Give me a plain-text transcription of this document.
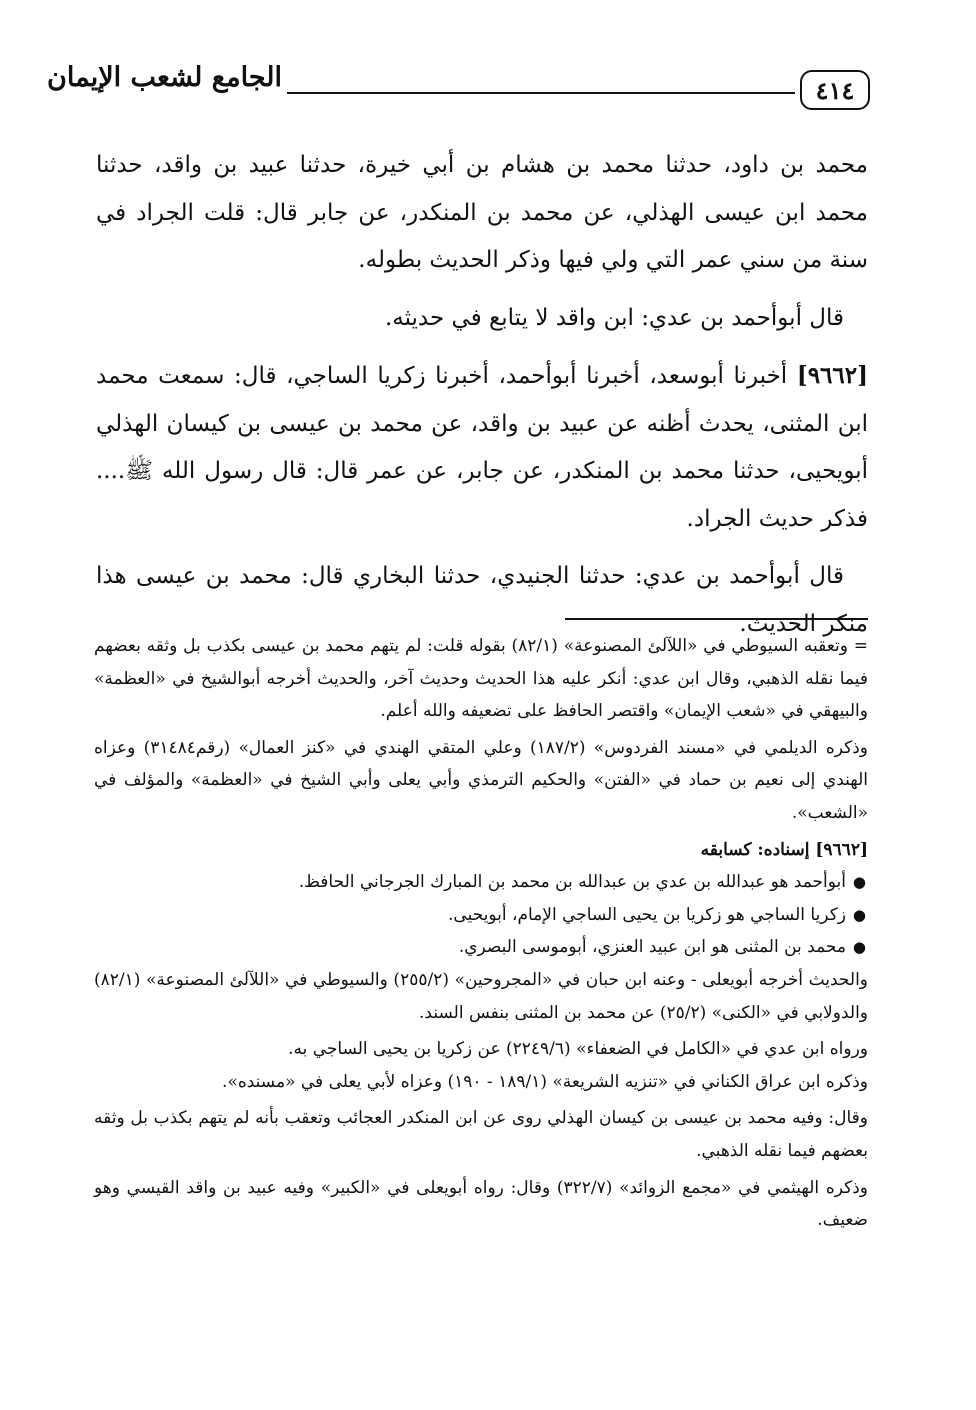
٤١٤
الجامع لشعب الإيمان

محمد بن داود، حدثنا محمد بن هشام بن أبي خيرة، حدثنا عبيد بن واقد، حدثنا محمد ابن عيسى الهذلي، عن محمد بن المنكدر، عن جابر قال: قلت الجراد في سنة من سني عمر التي ولي فيها وذكر الحديث بطوله.

قال أبوأحمد بن عدي: ابن واقد لا يتابع في حديثه.

[٩٦٦٢] أخبرنا أبوسعد، أخبرنا أبوأحمد، أخبرنا زكريا الساجي، قال: سمعت محمد ابن المثنى، يحدث أظنه عن عبيد بن واقد، عن محمد بن عيسى بن كيسان الهذلي أبويحيى، حدثنا محمد بن المنكدر، عن جابر، عن عمر قال: قال رسول الله ﷺ.... فذكر حديث الجراد.

قال أبوأحمد بن عدي: حدثنا الجنيدي، حدثنا البخاري قال: محمد بن عيسى هذا منكر الحديث.

= وتعقبه السيوطي في «اللآلئ المصنوعة» (٨٢/١) بقوله قلت: لم يتهم محمد بن عيسى بكذب بل وثقه بعضهم فيما نقله الذهبي، وقال ابن عدي: أنكر عليه هذا الحديث وحديث آخر، والحديث أخرجه أبوالشيخ في «العظمة» والبيهقي في «شعب الإيمان» واقتصر الحافظ على تضعيفه والله أعلم.

وذكره الديلمي في «مسند الفردوس» (١٨٧/٢) وعلي المتقي الهندي في «كنز العمال» (رقم٣١٤٨٤) وعزاه الهندي إلى نعيم بن حماد في «الفتن» والحكيم الترمذي وأبي يعلى وأبي الشيخ في «العظمة» والمؤلف في «الشعب».

[٩٦٦٢] إسناده: كسابقه

●
أبوأحمد هو عبدالله بن عدي بن عبدالله بن محمد بن المبارك الجرجاني الحافظ.
●
زكريا الساجي هو زكريا بن يحيى الساجي الإمام، أبويحيى.
●
محمد بن المثنى هو ابن عبيد العنزي، أبوموسى البصري.

والحديث أخرجه أبويعلى - وعنه ابن حبان في «المجروحين» (٢٥٥/٢) والسيوطي في «اللآلئ المصنوعة» (٨٢/١) والدولابي في «الكنى» (٢٥/٢) عن محمد بن المثنى بنفس السند.

ورواه ابن عدي في «الكامل في الضعفاء» (٢٢٤٩/٦) عن زكريا بن يحيى الساجي به.

وذكره ابن عراق الكناني في «تنزيه الشريعة» (١٨٩/١ - ١٩٠) وعزاه لأبي يعلى في «مسنده».

وقال: وفيه محمد بن عيسى بن كيسان الهذلي روى عن ابن المنكدر العجائب وتعقب بأنه لم يتهم بكذب بل وثقه بعضهم فيما نقله الذهبي.

وذكره الهيثمي في «مجمع الزوائد» (٣٢٢/٧) وقال: رواه أبويعلى في «الكبير» وفيه عبيد بن واقد القيسي وهو ضعيف.
